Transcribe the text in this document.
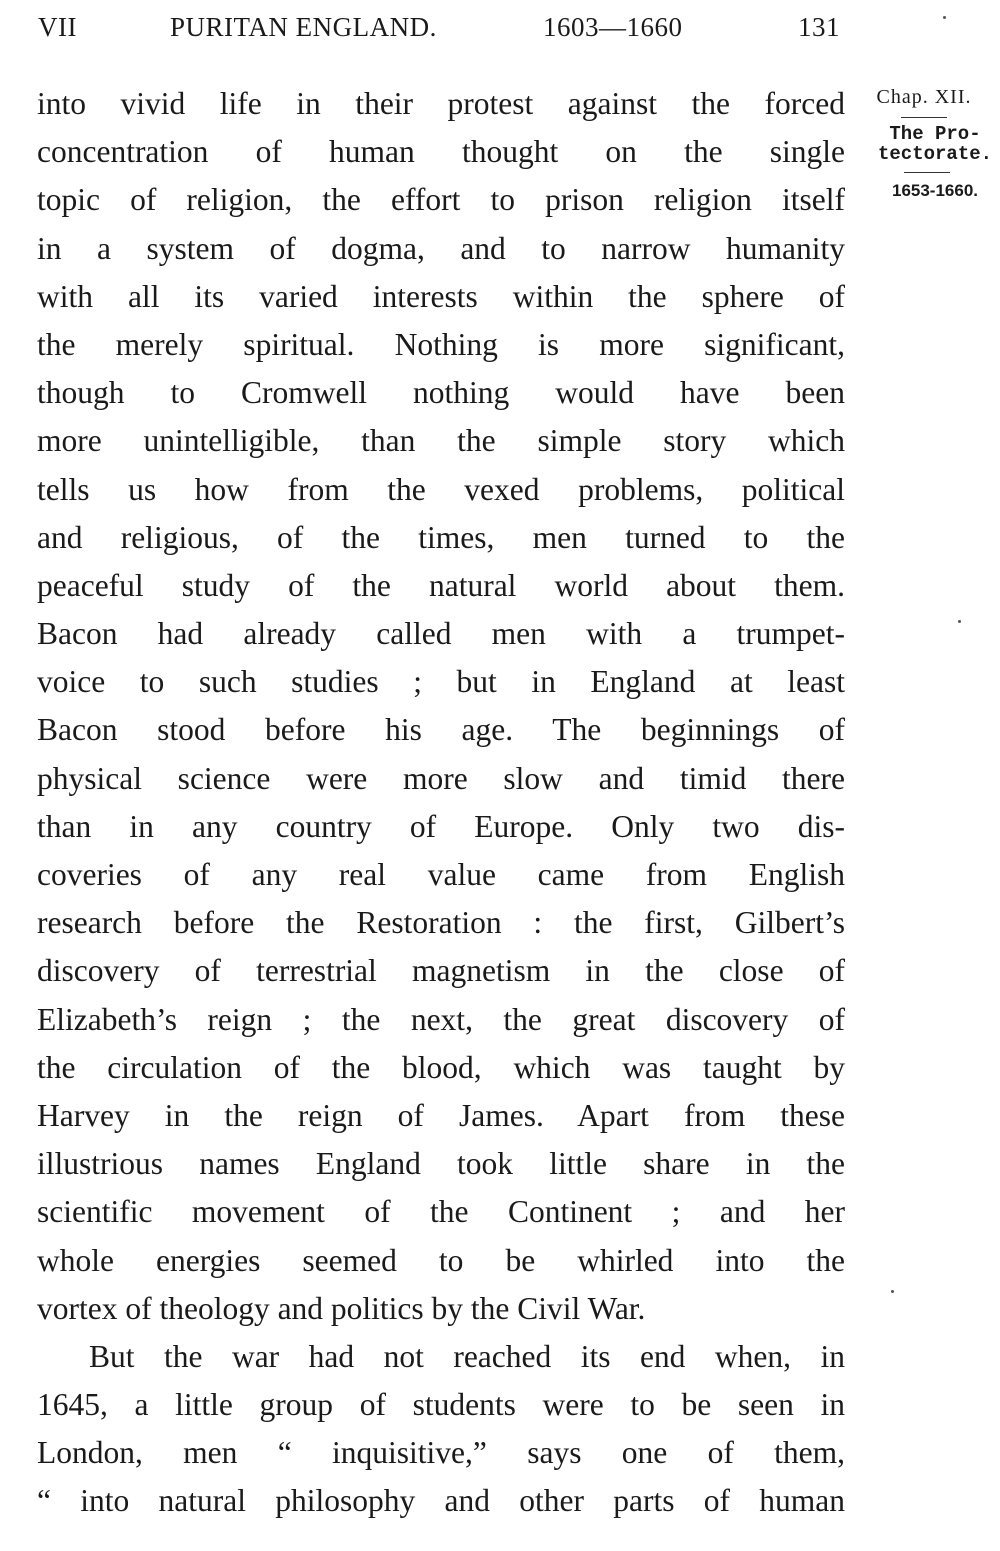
VII	PURITAN ENGLAND.	1603—1660	131
into vivid life in their protest against the forced
concentration of human thought on the single
topic of religion, the effort to prison religion itself
in a system of dogma, and to narrow humanity
with all its varied interests within the sphere of
the merely spiritual. Nothing is more significant,
though to Cromwell nothing would have been
more unintelligible, than the simple story which
tells us how from the vexed problems, political
and religious, of the times, men turned to the
peaceful study of the natural world about them.
Bacon had already called men with a trumpet-
voice to such studies ; but in England at least
Bacon stood before his age. The beginnings of
physical science were more slow and timid there
than in any country of Europe. Only two dis-
coveries of any real value came from English
research before the Restoration : the first, Gilbert’s
discovery of terrestrial magnetism in the close of
Elizabeth’s reign ; the next, the great discovery of
the circulation of the blood, which was taught by
Harvey in the reign of James. Apart from these
illustrious names England took little share in the
scientific movement of the Continent ; and her
whole energies seemed to be whirled into the
vortex of theology and politics by the Civil War.
But the war had not reached its end when, in
1645, a little group of students were to be seen in
London, men “ inquisitive,” says one of them,
“ into natural philosophy and other parts of human
Chap. XII.
The Pro-
tectorate.
1653-1660.
